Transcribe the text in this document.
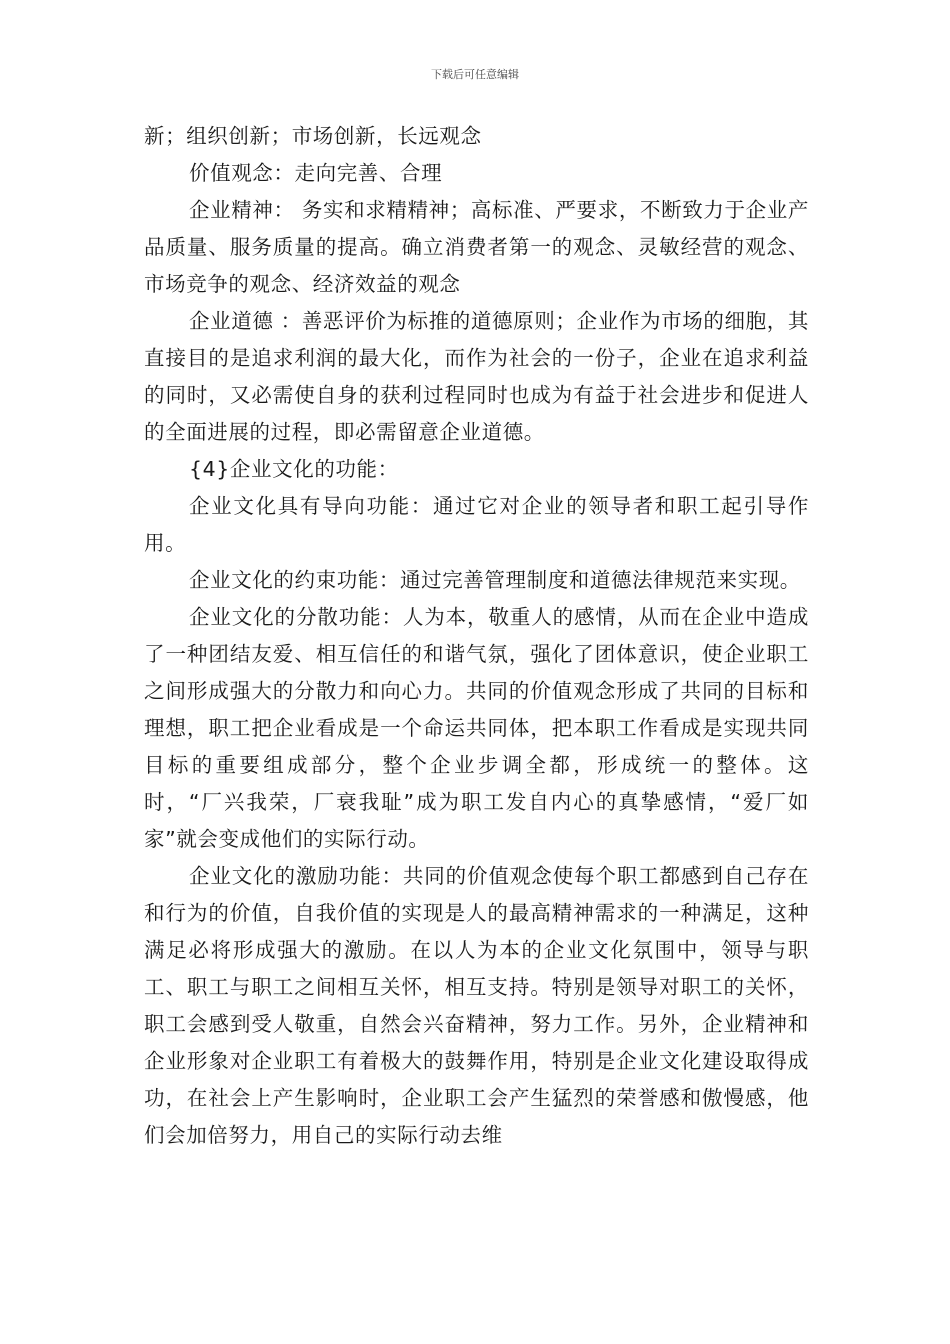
下载后可任意编辑

新；组织创新；市场创新，长远观念

价值观念：走向完善、合理

企业精神： 务实和求精精神；高标准、严要求，不断致力于企业产品质量、服务质量的提高。确立消费者第一的观念、灵敏经营的观念、市场竞争的观念、经济效益的观念

企业道德 ：善恶评价为标推的道德原则；企业作为市场的细胞，其直接目的是追求利润的最大化，而作为社会的一份子，企业在追求利益的同时，又必需使自身的获利过程同时也成为有益于社会进步和促进人的全面进展的过程，即必需留意企业道德。

{4}企业文化的功能：

企业文化具有导向功能：通过它对企业的领导者和职工起引导作用。

企业文化的约束功能：通过完善管理制度和道德法律规范来实现。

企业文化的分散功能：人为本，敬重人的感情，从而在企业中造成了一种团结友爱、相互信任的和谐气氛，强化了团体意识，使企业职工之间形成强大的分散力和向心力。共同的价值观念形成了共同的目标和理想，职工把企业看成是一个命运共同体，把本职工作看成是实现共同目标的重要组成部分，整个企业步调全都，形成统一的整体。这时，“厂兴我荣，厂衰我耻”成为职工发自内心的真挚感情，“爱厂如家”就会变成他们的实际行动。

企业文化的激励功能：共同的价值观念使每个职工都感到自己存在和行为的价值，自我价值的实现是人的最高精神需求的一种满足，这种满足必将形成强大的激励。在以人为本的企业文化氛围中，领导与职工、职工与职工之间相互关怀，相互支持。特别是领导对职工的关怀，职工会感到受人敬重，自然会兴奋精神，努力工作。另外，企业精神和企业形象对企业职工有着极大的鼓舞作用，特别是企业文化建设取得成功，在社会上产生影响时，企业职工会产生猛烈的荣誉感和傲慢感，他们会加倍努力，用自己的实际行动去维
